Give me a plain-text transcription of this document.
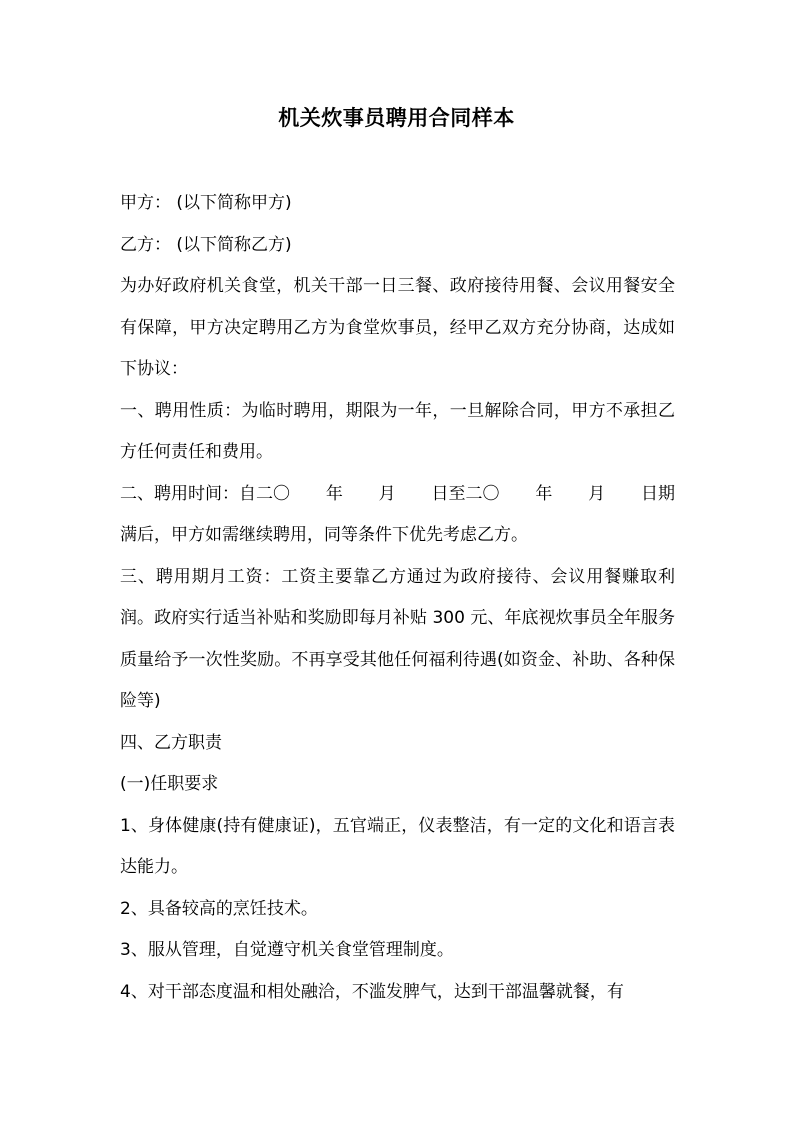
机关炊事员聘用合同样本

甲方： (以下简称甲方)

乙方： (以下简称乙方)

为办好政府机关食堂，机关干部一日三餐、政府接待用餐、会议用餐安全有保障，甲方决定聘用乙方为食堂炊事员，经甲乙双方充分协商，达成如下协议：

一、聘用性质：为临时聘用，期限为一年，一旦解除合同，甲方不承担乙方任何责任和费用。

二、聘用时间：自二〇 年 月 日至二〇 年 月 日期

满后，甲方如需继续聘用，同等条件下优先考虑乙方。

三、聘用期月工资：工资主要靠乙方通过为政府接待、会议用餐赚取利润。政府实行适当补贴和奖励即每月补贴 300 元、年底视炊事员全年服务质量给予一次性奖励。不再享受其他任何福利待遇(如资金、补助、各种保险等)

四、乙方职责

(一)任职要求

1、身体健康(持有健康证)，五官端正，仪表整洁，有一定的文化和语言表达能力。

2、具备较高的烹饪技术。

3、服从管理，自觉遵守机关食堂管理制度。

4、对干部态度温和相处融洽，不滥发脾气，达到干部温馨就餐，有
